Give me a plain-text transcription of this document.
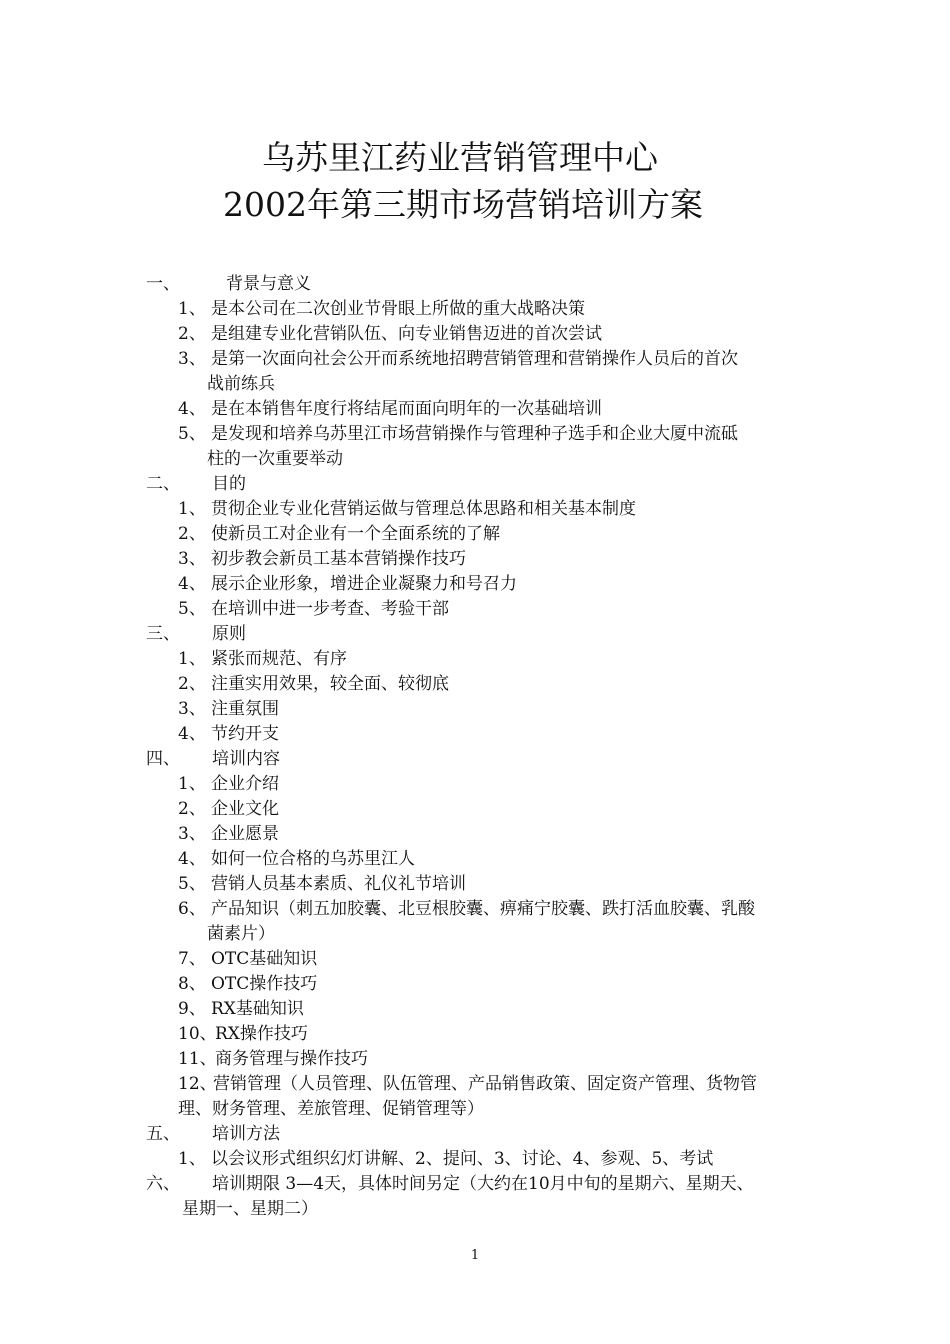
乌苏里江药业营销管理中心
2002年第三期市场营销培训方案
一、	背景与意义
1、 是本公司在二次创业节骨眼上所做的重大战略决策
2、 是组建专业化营销队伍、向专业销售迈进的首次尝试
3、 是第一次面向社会公开而系统地招聘营销管理和营销操作人员后的首次
战前练兵
4、 是在本销售年度行将结尾而面向明年的一次基础培训
5、 是发现和培养乌苏里江市场营销操作与管理种子选手和企业大厦中流砥
柱的一次重要举动
二、 目的
1、 贯彻企业专业化营销运做与管理总体思路和相关基本制度
2、 使新员工对企业有一个全面系统的了解
3、 初步教会新员工基本营销操作技巧
4、 展示企业形象，增进企业凝聚力和号召力
5、 在培训中进一步考查、考验干部
三、 原则
1、 紧张而规范、有序
2、 注重实用效果，较全面、较彻底
3、 注重氛围
4、 节约开支
四、 培训内容
1、 企业介绍
2、 企业文化
3、 企业愿景
4、 如何一位合格的乌苏里江人
5、 营销人员基本素质、礼仪礼节培训
6、 产品知识（刺五加胶囊、北豆根胶囊、痹痛宁胶囊、跌打活血胶囊、乳酸
菌素片）
7、 OTC基础知识
8、 OTC操作技巧
9、 RX基础知识
10、
RX操作技巧
11、
商务管理与操作技巧
12、
营销管理（人员管理、队伍管理、产品销售政策、固定资产管理、货物管
理、财务管理、差旅管理、促销管理等）
五、 培训方法
1、 以会议形式组织幻灯讲解、2、提问、3、讨论、4、参观、5、考试
六、 培训期限 3—4天，具体时间另定（大约在10月中旬的星期六、星期天、
星期一、星期二）
1
